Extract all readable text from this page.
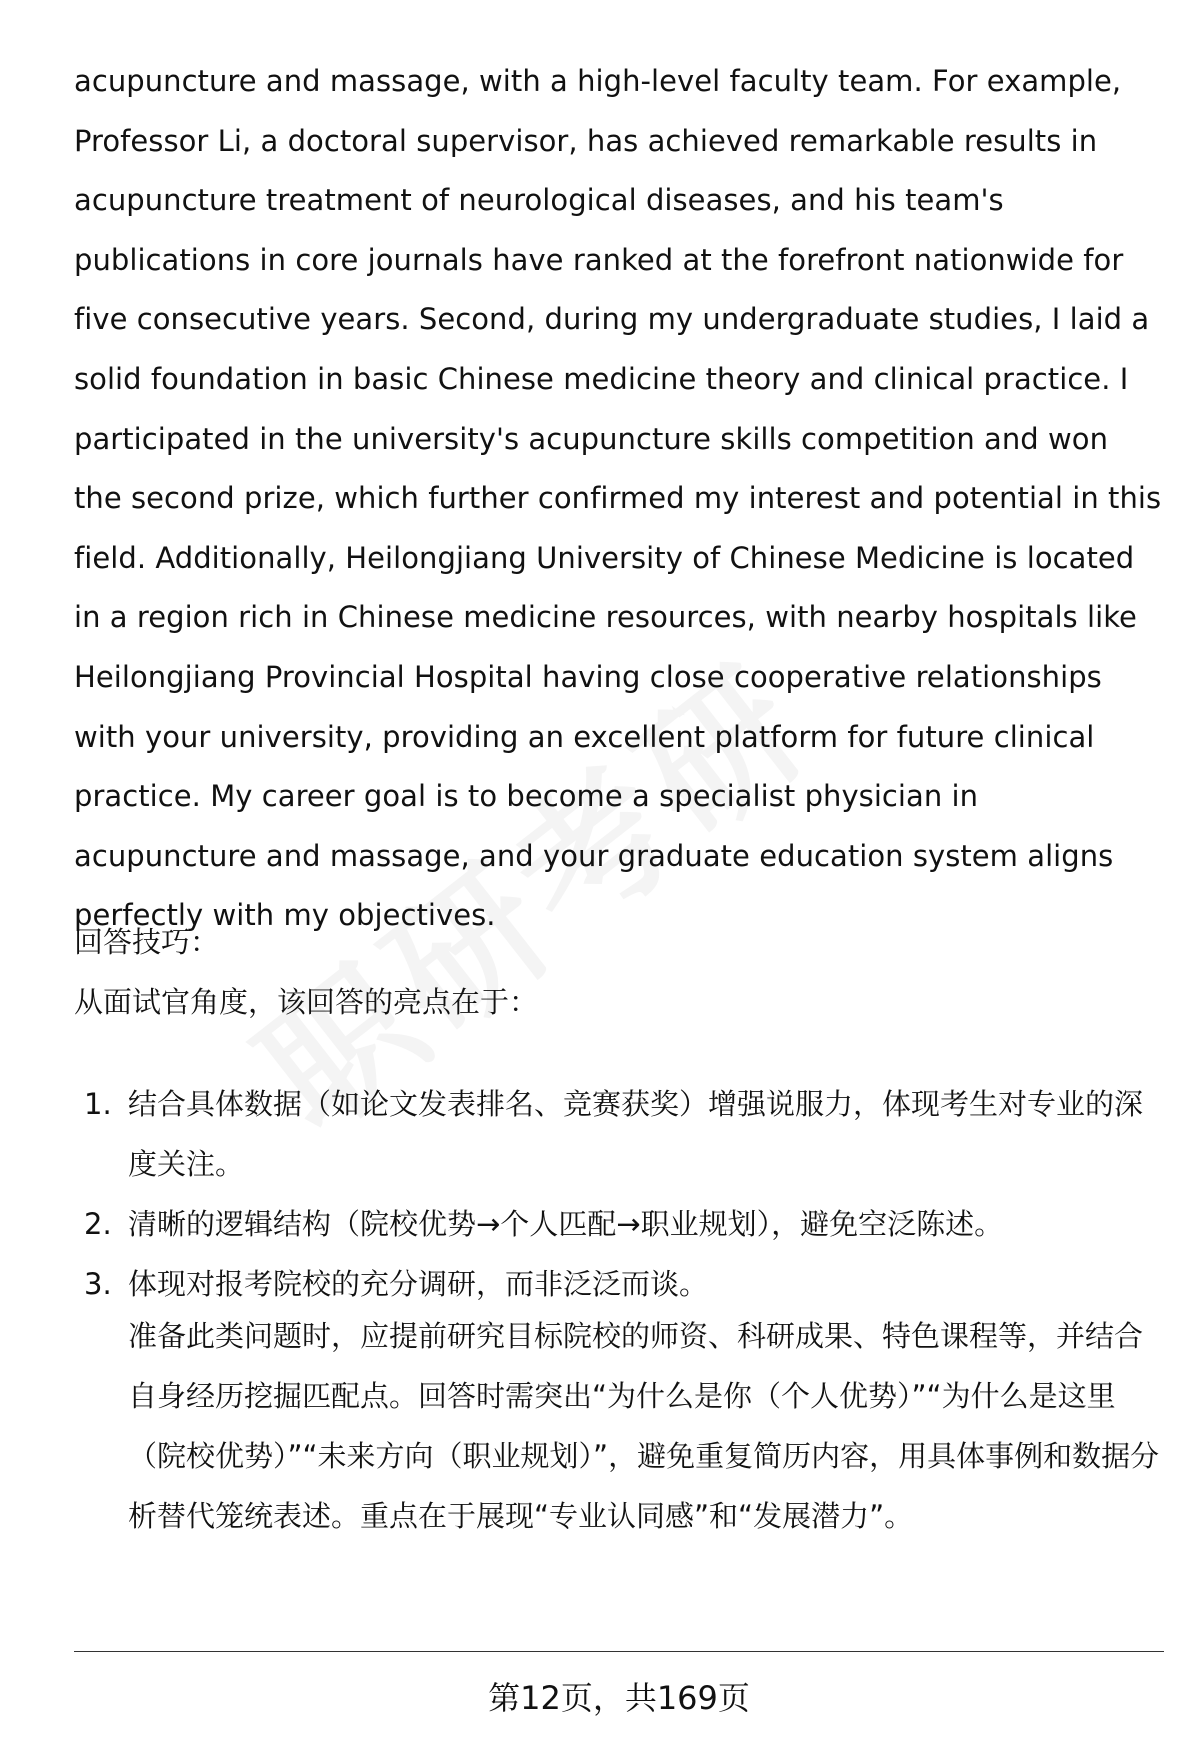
acupuncture and massage, with a high-level faculty team. For example, Professor Li, a doctoral supervisor, has achieved remarkable results in acupuncture treatment of neurological diseases, and his team's publications in core journals have ranked at the forefront nationwide for five consecutive years. Second, during my undergraduate studies, I laid a solid foundation in basic Chinese medicine theory and clinical practice. I participated in the university's acupuncture skills competition and won the second prize, which further confirmed my interest and potential in this field. Additionally, Heilongjiang University of Chinese Medicine is located in a region rich in Chinese medicine resources, with nearby hospitals like Heilongjiang Provincial Hospital having close cooperative relationships with your university, providing an excellent platform for future clinical practice. My career goal is to become a specialist physician in acupuncture and massage, and your graduate education system aligns perfectly with my objectives.

回答技巧：

从面试官角度，该回答的亮点在于：

1. 结合具体数据（如论文发表排名、竞赛获奖）增强说服力，体现考生对专业的深度关注。
2. 清晰的逻辑结构（院校优势→个人匹配→职业规划），避免空泛陈述。
3. 体现对报考院校的充分调研，而非泛泛而谈。

准备此类问题时，应提前研究目标院校的师资、科研成果、特色课程等，并结合自身经历挖掘匹配点。回答时需突出“为什么是你（个人优势）”“为什么是这里（院校优势）”“未来方向（职业规划）”，避免重复简历内容，用具体事例和数据分析替代笼统表述。重点在于展现“专业认同感”和“发展潜力”。

第12页，共169页
